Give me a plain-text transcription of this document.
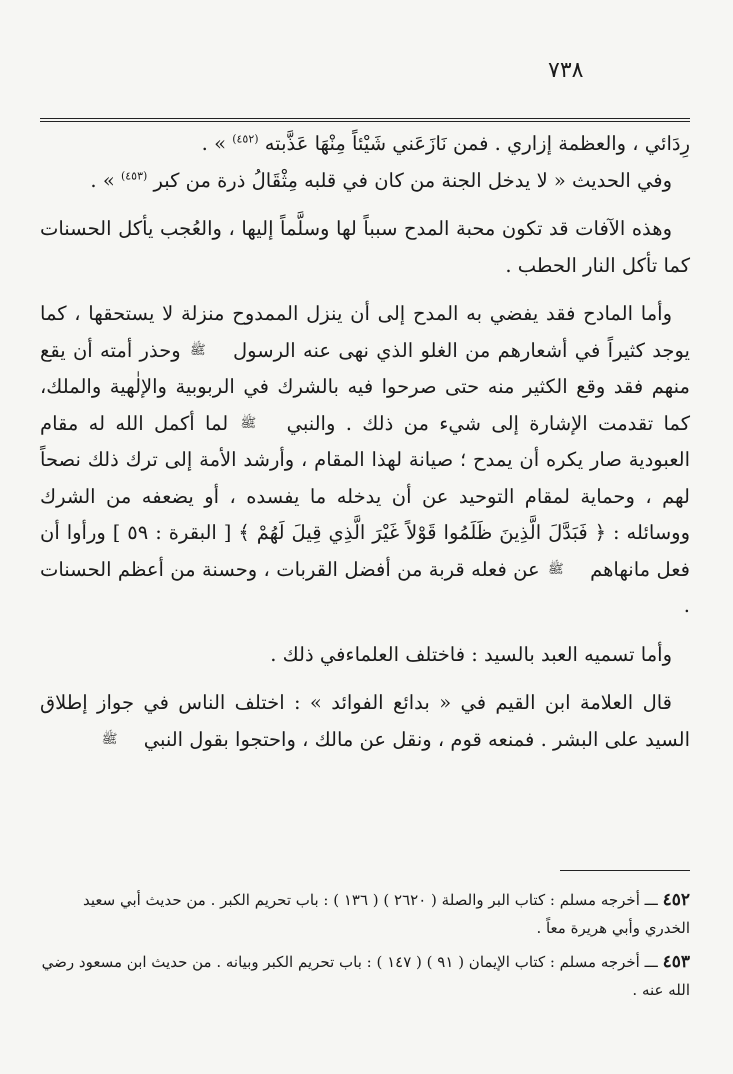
٧٣٨

رِدَائي ، والعظمة إزاري . فمن نَازَعَني شَيْئاً مِنْهَا عَذَّبته $^{(٤٥٢)}$ » .

وفي الحديث « لا يدخل الجنة من كان في قلبه مِثْقَالُ ذرة من كبر $^{(٤٥٣)}$ » .

وهذه الآفات قد تكون محبة المدح سبباً لها وسلَّماً إليها ، والعُجب يأكل الحسنات كما تأكل النار الحطب .

وأما المادح فقد يفضي به المدح إلى أن ينزل الممدوح منزلة لا يستحقها ، كما يوجد كثيراً في أشعارهم من الغلو الذي نهى عنه الرسول ﷺ وحذر أمته أن يقع منهم فقد وقع الكثير منه حتى صرحوا فيه بالشرك في الربوبية والإلٰهية والملك، كما تقدمت الإشارة إلى شيء من ذلك . والنبي ﷺ لما أكمل الله له مقام العبودية صار يكره أن يمدح ؛ صيانة لهذا المقام ، وأرشد الأمة إلى ترك ذلك نصحاً لهم ، وحماية لمقام التوحيد عن أن يدخله ما يفسده ، أو يضعفه من الشرك ووسائله : ﴿ فَبَدَّلَ الَّذِينَ ظَلَمُوا قَوْلاً غَيْرَ الَّذِي قِيلَ لَهُمْ ﴾ [ البقرة : ٥٩ ] ورأوا أن فعل مانهاهم ﷺ عن فعله قربة من أفضل القربات ، وحسنة من أعظم الحسنات .

وأما تسميه العبد بالسيد : فاختلف العلماءفي ذلك .

قال العلامة ابن القيم في « بدائع الفوائد » : اختلف الناس في جواز إطلاق السيد على البشر . فمنعه قوم ، ونقل عن مالك ، واحتجوا بقول النبي ﷺ

٤٥٢ ـــ أخرجه مسلم : كتاب البر والصلة ( ٢٦٢٠ ) ( ١٣٦ ) : باب تحريم الكبر . من حديث أبي سعيد الخدري وأبي هريرة معاً .

٤٥٣ ـــ أخرجه مسلم : كتاب الإيمان ( ٩١ ) ( ١٤٧ ) : باب تحريم الكبر وبيانه . من حديث ابن مسعود رضي الله عنه .
